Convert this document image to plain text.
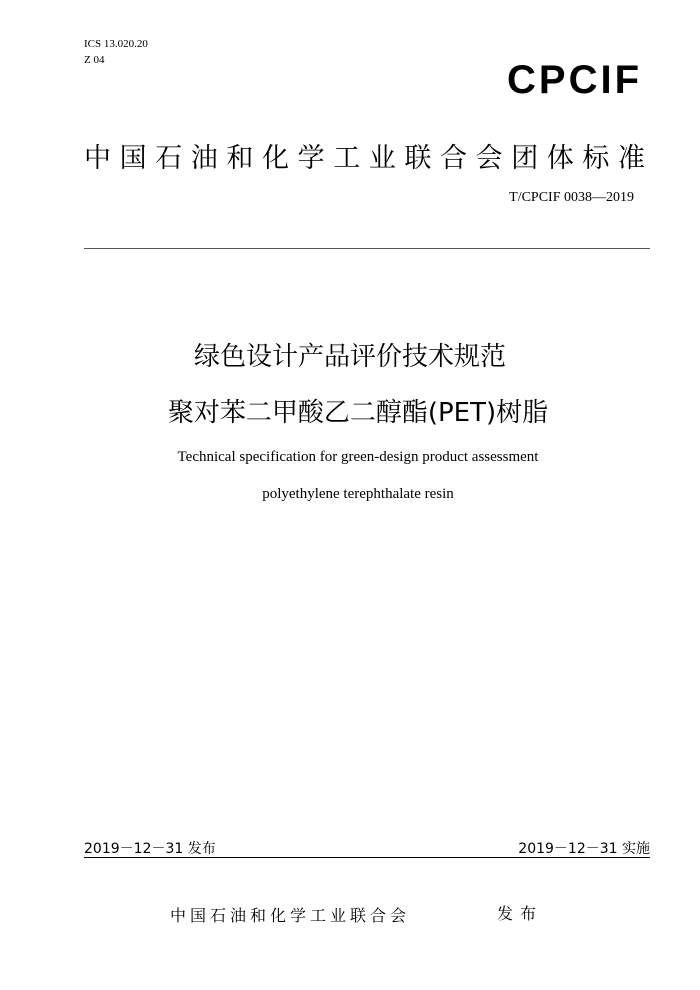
ICS 13.020.20
Z 04	CPCIF
中国石油和化学工业联合会团体标准
T/CPCIF 0038—2019
绿色设计产品评价技术规范
聚对苯二甲酸乙二醇酯(PET)树脂
Technical specification for green-design product assessment
polyethylene terephthalate resin
2019－12－31 发布	2019－12－31 实施
中国石油和化学工业联合会	发布
